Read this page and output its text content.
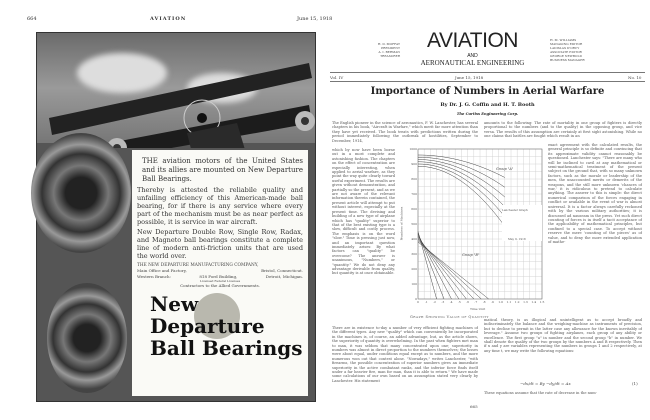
664	AVIATION	June 15, 1918
THE aviation motors of the United States and its allies are mounted on New Departure Ball Bearings.
Thereby is attested the reliabile quality and unfailing efficiency of this American-made ball bearing, for if there is any service where every part of the mechanism must be as near perfect as possible, it is service in war aircraft.
New Departure Double Row, Single Row, Radax, and Magneto ball bearings constitute a complete line of modern anti-friction units that are used the world over.
THE NEW DEPARTURE MANUFACTURING COMPANY,
Main Office and Factory,	Bristol, Connecticut.
Western Branch:	818 Ford Building,	Detroit, Michigan.
Licensed Federal Licenses
Contractors to the Allied Governments.
New Departure
Ball Bearings
H. D. MOFFAT
PRESIDENT
A. I. BERMAN
TREASURER
AVIATION
AND
AERONAUTICAL ENGINEERING
H. M. WILLIAMS
MANAGING EDITOR
LADISLAS D'ORCY
ASSOCIATE EDITOR
GEORGE NEWBOLD
BUSINESS MANAGER
Vol. IV	June 15, 1918	No. 10
Importance of Numbers in Aerial Warfare
By Dr. J. G. Coffin and H. T. Booth
The Curtiss Engineering Corp.
The English pioneer in the science of aeronautics, F. W. Lanchester, has several chapters in his book, "Aircraft in Warfare," which merit far more attention than they have yet received. The book treats with predictions written during the period immediately following the outbreak of hostilities, September to December, 1914,
which by now have been borne out in a most complete and astonishing fashion. The chapters on the effect of concentration are especially interesting, when applied to aerial warfare, as they point the way quite clearly toward useful experiment. The results are given without demonstration, and partially so the present, and as we are not aware of the relevant information therein contained, the present article will attempt to put without interest, especially at the present time. The devising and building of a new type of airplane which has "quality" superior to that of the best existing type is a slow, difficult and costly process. The emphasis is on the word "slow." Time is pressing just now, and an important question immediately arises: By what factors can "quality" be overcome? The answer is unanimous, "Numbers," or "quantity." We do not deny any advantage derivable from quality, but quantity is at once obtainable.
There are in existence to-day a number of very efficient fighting machines of the different types. Any new "quality" which can conveniently be incorporated in the machines is, of course, an added advantage, but, as the article shows, the superiority of quantity is overwhelming. In the past when fighters met man to man, it was seldom that many concentrated upon one; superiority in numbers was almost in direct proportion to the numbers themselves; the losses were about equal, under conditions equal except as to numbers, and the more numerous won out that contest alone. "Nowadays," writes Lanchester, "with firearms, the possible concentration of superior numbers gives an immediate superiority in the active combatant ranks, and the inferior force finds itself under a far heavier fire, man for man, than it is able to return." We have made some calculations of our own based on an assumption stated very clearly by Lanchester. His statement
amounts to the following: The rate of mortality in one group of fighters is directly proportional to the numbers (and to the quality) in the opposing group, and vice versa. The results of this assumption are certainly at first sight astonishing. While no one claims that battles are fought which result in an
exact agreement with the calculated results, the general principle is so definite and convincing that its approximate validity cannot reasonably be questioned. Lanchester says: "There are many who will be inclined to cavil at any mathematical or semi-mathematical treatment of the present subject on the ground that, with so many unknown factors, such as the morale or leadership of the men, the unaccounted merits or demerits of the weapons, and the still more unknown 'chances of war,' it is ridiculous to pretend to calculate anything. The answer to this is simple: the direct numerical comparison of the forces engaging in conflict or available in the event of war is almost universal. It is a factor always carefully reckoned with by the various military authorities; it is discussed ad nauseam in the press. Yet such direct counting of forces is in itself a tacit acceptance of the applicability of mathematical principles, but confined to a special case. To accept without reserve the mere 'counting of the pieces' as of value, and to deny the more extended application of mathe-
matical theory, is as illogical and unintelligent as to accept broadly and indiscriminately the balance and the weighing-machine as instruments of precision, but to decline to permit in the latter case any allowance for the known inevitably of leverage." Assume two groups of fighting airplanes, each group of any ability or excellence. The first group "a" in number and the second group "b" in number. We shall denote the quality of the two groups by the numbers A and B respectively. Then if x and y are variables representing the numbers in groups 1 and 2 respectively, at any time t, we may write the following equations:
−dx/dt = By −dy/dt = Ax	(1)
These equations assume that the rate of decrease in the num-
665
1000
900
800
700
600
500
400
300
200
100
0
0 .1 .2 .3 .4 .5 .6 .7 .8 .9 1.0 1.1 1.2 1.3 1.4 1.5
Numbers of Machines
Time Unit
Group "A"
Group "B"
Lanchester Graph
May 9, 1918
Graph Showing Value of Quantity
